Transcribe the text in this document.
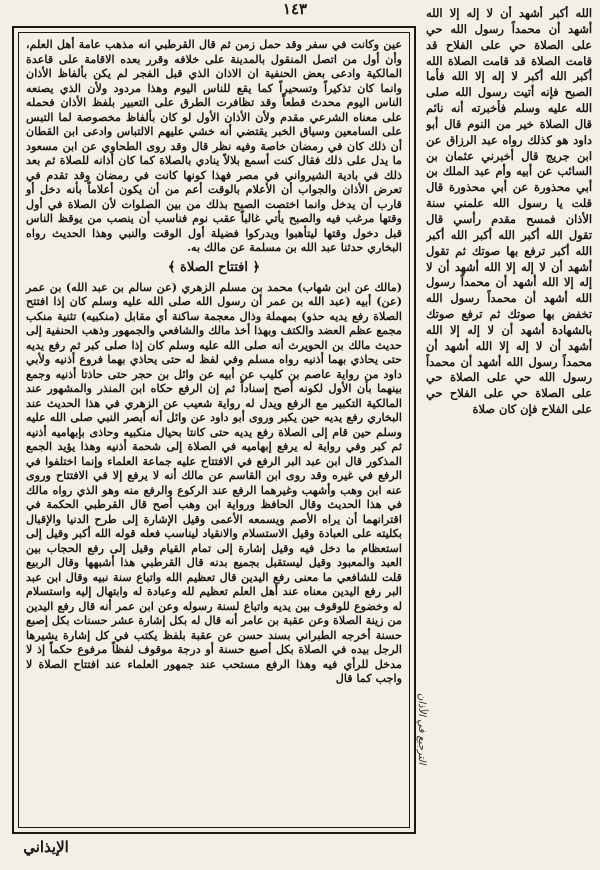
١٤٣

عين وكانت في سفر وقد حمل زمن ثم قال القرطبي انه مذهب عامة أهل العلم، وأن أول من اتصل المنقول بالمدينة على خلافه وقرر بعده الاقامة على قاعدة المالكية وادعى بعض الحنفية ان الاذان الذي قبل الفجر لم يكن بألفاظ الأذان وانما كان تذكيراً وتسحيراً كما يقع للناس اليوم وهذا مردود ولأن الذي يصنعه الناس اليوم محدث قطعاً وقد تظافرت الطرق على التعبير بلفظ الأذان فحمله على معناه الشرعي مقدم ولأن الأذان الأول لو كان بألفاظ مخصوصة لما التبس على السامعين وسياق الخبر يقتضي أنه خشي عليهم الالتباس وادعى ابن القطان أن ذلك كان في رمضان خاصة وفيه نظر قال وقد روى الطحاوي عن ابن مسعود ما يدل على ذلك فقال كنت أسمع بلالاً ينادي بالصلاة كما كان أذانه للصلاة ثم بعد ذلك في بادية الشيرواني في مصر فهذا كونها كانت في رمضان وقد تقدم في تعرض الأذان والجواب أن الأعلام بالوقت أعم من أن يكون أعلاماً بأنه دخل أو قارب أن يدخل وانما اختصت الصبح بذلك من بين الصلوات لأن الصلاة في أول وقتها مرغب فيه والصبح يأتي غالباً عقب نوم فناسب أن ينصب من يوقظ الناس قبل دخول وقتها ليتأهبوا ويدركوا فضيلة أول الوقت والنبي وهذا الحديث رواه البخاري حدثنا عبد الله بن مسلمة عن مالك به.

﴿ افتتاح الصلاة ﴾

(مالك عن ابن شهاب) محمد بن مسلم الزهري (عن سالم بن عبد الله) بن عمر (عن) أبيه (عبد الله بن عمر أن رسول الله صلى الله عليه وسلم كان إذا افتتح الصلاة رفع يديه حذو) بمهملة وذال معجمة ساكنة أي مقابل (منكبيه) تثنية منكب مجمع عظم العضد والكتف وبهذا أخذ مالك والشافعي والجمهور وذهب الحنفية إلى حديث مالك بن الحويرث أنه صلى الله عليه وسلم كان إذا صلى كبر ثم رفع يديه حتى يحاذي بهما أذنيه رواه مسلم وفي لفظ له حتى يحاذي بهما فروع أذنيه ولأبي داود من رواية عاصم بن كليب عن أبيه عن وائل بن حجر حتى حاذتا أذنيه وجمع بينهما بأن الأول لكونه أصح إسناداً ثم إن الرفع حكاه ابن المنذر والمشهور عند المالكية التكبير مع الرفع ويدل له رواية شعيب عن الزهري في هذا الحديث عند البخاري رفع يديه حين يكبر وروى أبو داود عن وائل أنه أبصر النبي صلى الله عليه وسلم حين قام إلى الصلاة رفع يديه حتى كانتا بحيال منكبيه وحاذى بإبهاميه أذنيه ثم كبر وفي رواية له يرفع إبهاميه في الصلاة إلى شحمة أذنيه وهذا يؤيد الجمع المذكور قال ابن عبد البر الرفع في الافتتاح عليه جماعة العلماء وإنما اختلفوا في الرفع في غيره وقد روى ابن القاسم عن مالك أنه لا يرفع إلا في الافتتاح وروى عنه ابن وهب وأشهب وغيرهما الرفع عند الركوع والرفع منه وهو الذي رواه مالك في هذا الحديث وقال الحافظ ورواية ابن وهب أصح قال القرطبي الحكمة في اقترانهما أن يراه الأصم ويسمعه الأعمى وقيل الإشارة إلى طرح الدنيا والإقبال بكليته على العبادة وقيل الاستسلام والانقياد ليناسب فعله قوله الله أكبر وقيل إلى استعظام ما دخل فيه وقيل إشارة إلى تمام القيام وقيل إلى رفع الحجاب بين العبد والمعبود وقيل ليستقبل بجميع بدنه قال القرطبي هذا أشبهها وقال الربيع قلت للشافعي ما معنى رفع اليدين قال تعظيم الله واتباع سنة نبيه وقال ابن عبد البر رفع اليدين معناه عند أهل العلم تعظيم لله وعبادة له وابتهال إليه واستسلام له وخضوع للوقوف بين يديه واتباع لسنة رسوله وعن ابن عمر أنه قال رفع اليدين من زينة الصلاة وعن عقبة بن عامر أنه قال له بكل إشارة عشر حسنات بكل إصبع حسنة أخرجه الطبراني بسند حسن عن عقبة بلفظ يكتب في كل إشارة يشيرها الرجل بيده في الصلاة بكل أصبع حسنة أو درجة موقوف لفظاً مرفوع حكماً إذ لا مدخل للرأي فيه وهذا الرفع مستحب عند جمهور العلماء عند افتتاح الصلاة لا واجب كما قال

الله أكبر أشهد أن لا إله إلا الله أشهد أن محمداً رسول الله حي على الصلاة حي على الفلاح قد قامت الصلاة قد قامت الصلاة الله أكبر الله أكبر لا إله إلا الله فأما الصبح فإنه أتيت رسول الله صلى الله عليه وسلم فأخبرته أنه نائم قال الصلاة خير من النوم قال أبو داود هو كذلك رواه عبد الرزاق عن ابن جريج قال أخبرني عثمان بن السائب عن أبيه وأم عبد الملك بن أبي محذورة عن أبي محذورة قال قلت يا رسول الله علمني سنة الأذان فمسح مقدم رأسي قال تقول الله أكبر الله أكبر الله أكبر الله أكبر ترفع بها صوتك ثم تقول أشهد أن لا إله إلا الله أشهد أن لا إله إلا الله أشهد أن محمداً رسول الله أشهد أن محمداً رسول الله تخفض بها صوتك ثم ترفع صوتك بالشهادة أشهد أن لا إله إلا الله أشهد أن لا إله إلا الله أشهد أن محمداً رسول الله أشهد أن محمداً رسول الله حي على الصلاة حي على الصلاة حي على الفلاح حي على الفلاح فإن كان صلاة

الترجيع في الأذان
الإيذاني
